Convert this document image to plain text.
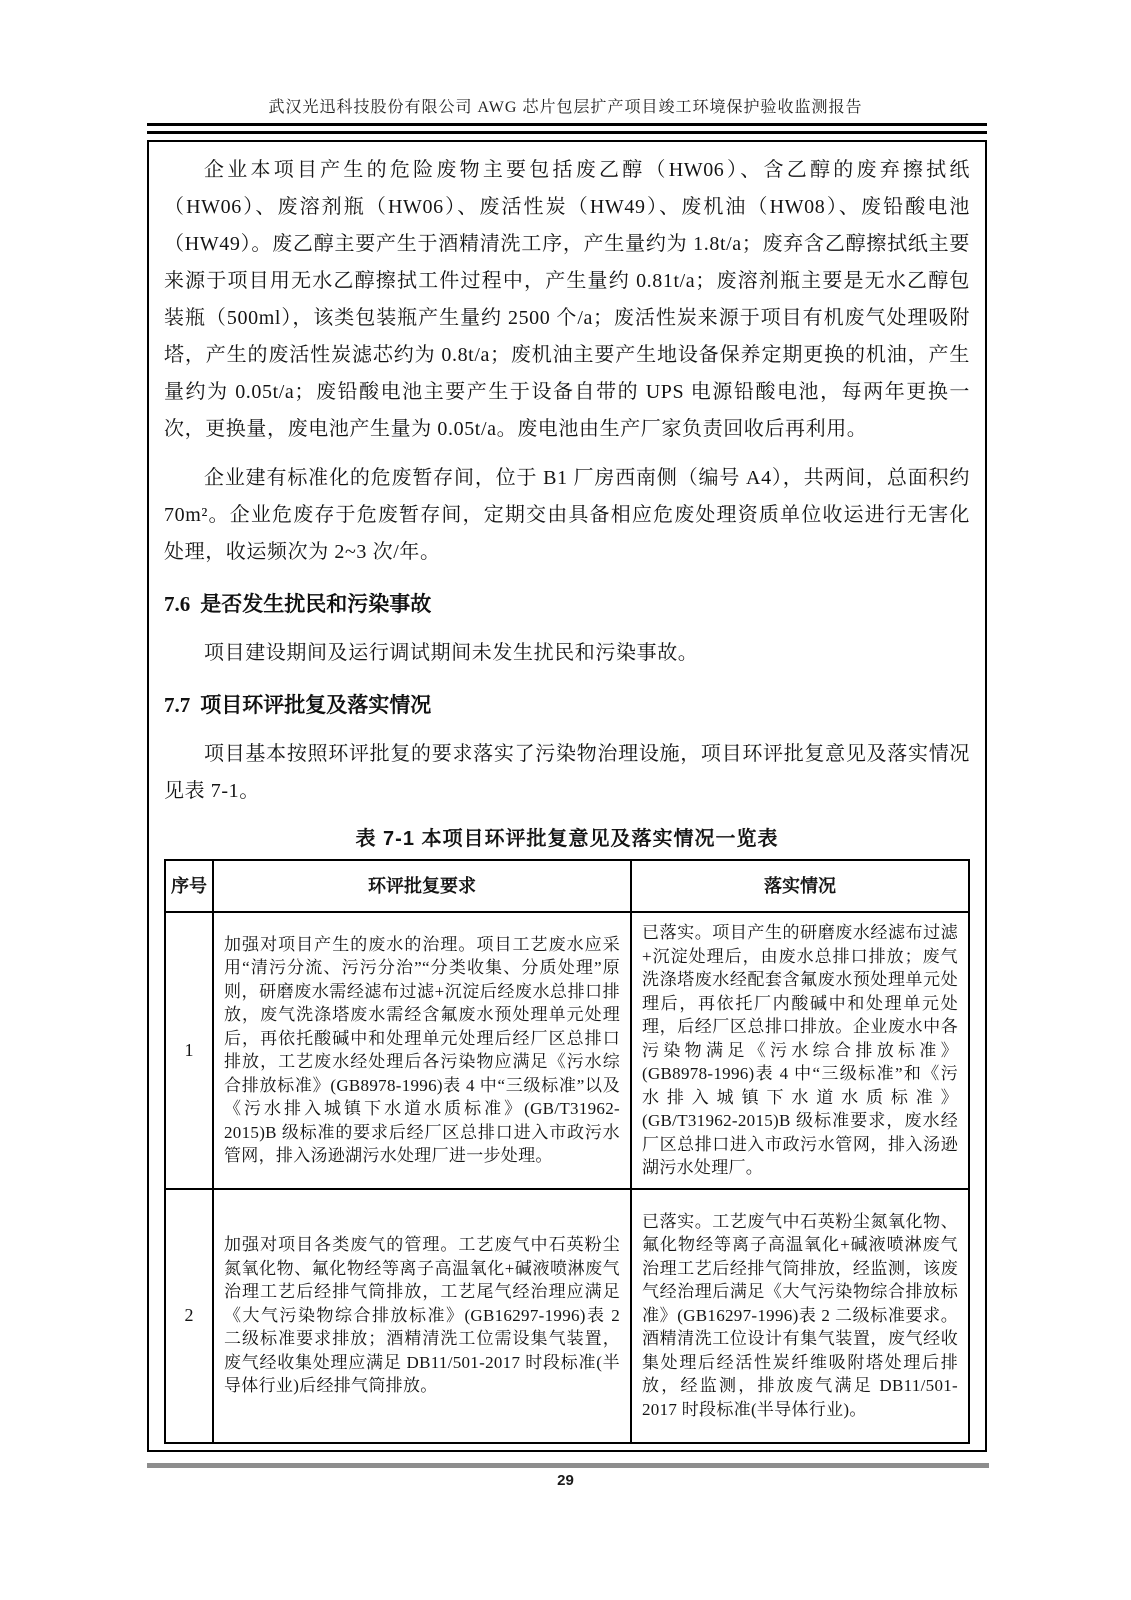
武汉光迅科技股份有限公司 AWG 芯片包层扩产项目竣工环境保护验收监测报告

企业本项目产生的危险废物主要包括废乙醇（HW06）、含乙醇的废弃擦拭纸（HW06）、废溶剂瓶（HW06）、废活性炭（HW49）、废机油（HW08）、废铅酸电池（HW49）。废乙醇主要产生于酒精清洗工序，产生量约为 1.8t/a；废弃含乙醇擦拭纸主要来源于项目用无水乙醇擦拭工件过程中，产生量约 0.81t/a；废溶剂瓶主要是无水乙醇包装瓶（500ml），该类包装瓶产生量约 2500 个/a；废活性炭来源于项目有机废气处理吸附塔，产生的废活性炭滤芯约为 0.8t/a；废机油主要产生地设备保养定期更换的机油，产生量约为 0.05t/a；废铅酸电池主要产生于设备自带的 UPS 电源铅酸电池，每两年更换一次，更换量，废电池产生量为 0.05t/a。废电池由生产厂家负责回收后再利用。

企业建有标准化的危废暂存间，位于 B1 厂房西南侧（编号 A4），共两间，总面积约 70m²。企业危废存于危废暂存间，定期交由具备相应危废处理资质单位收运进行无害化处理，收运频次为 2~3 次/年。

7.6 是否发生扰民和污染事故

项目建设期间及运行调试期间未发生扰民和污染事故。

7.7 项目环评批复及落实情况

项目基本按照环评批复的要求落实了污染物治理设施，项目环评批复意见及落实情况见表 7-1。

表 7-1 本项目环评批复意见及落实情况一览表
序号	环评批复要求	落实情况
1	加强对项目产生的废水的治理。项目工艺废水应采用“清污分流、污污分治”“分类收集、分质处理”原则，研磨废水需经滤布过滤+沉淀后经废水总排口排放，废气洗涤塔废水需经含氟废水预处理单元处理后，再依托酸碱中和处理单元处理后经厂区总排口排放，工艺废水经处理后各污染物应满足《污水综合排放标准》(GB8978-1996)表 4 中“三级标准”以及《污水排入城镇下水道水质标准》(GB/T31962-2015)B 级标准的要求后经厂区总排口进入市政污水管网，排入汤逊湖污水处理厂进一步处理。	已落实。项目产生的研磨废水经滤布过滤+沉淀处理后，由废水总排口排放；废气洗涤塔废水经配套含氟废水预处理单元处理后，再依托厂内酸碱中和处理单元处理，后经厂区总排口排放。企业废水中各污染物满足《污水综合排放标准》(GB8978-1996)表 4 中“三级标准”和《污水排入城镇下水道水质标准》(GB/T31962-2015)B 级标准要求，废水经厂区总排口进入市政污水管网，排入汤逊湖污水处理厂。
2	加强对项目各类废气的管理。工艺废气中石英粉尘氮氧化物、氟化物经等离子高温氧化+碱液喷淋废气治理工艺后经排气筒排放，工艺尾气经治理应满足《大气污染物综合排放标准》(GB16297-1996)表 2 二级标准要求排放；酒精清洗工位需设集气装置，废气经收集处理应满足 DB11/501-2017 时段标准(半导体行业)后经排气筒排放。	已落实。工艺废气中石英粉尘氮氧化物、氟化物经等离子高温氧化+碱液喷淋废气治理工艺后经排气筒排放，经监测，该废气经治理后满足《大气污染物综合排放标准》(GB16297-1996)表 2 二级标准要求。酒精清洗工位设计有集气装置，废气经收集处理后经活性炭纤维吸附塔处理后排放，经监测，排放废气满足 DB11/501-2017 时段标准(半导体行业)。
29
